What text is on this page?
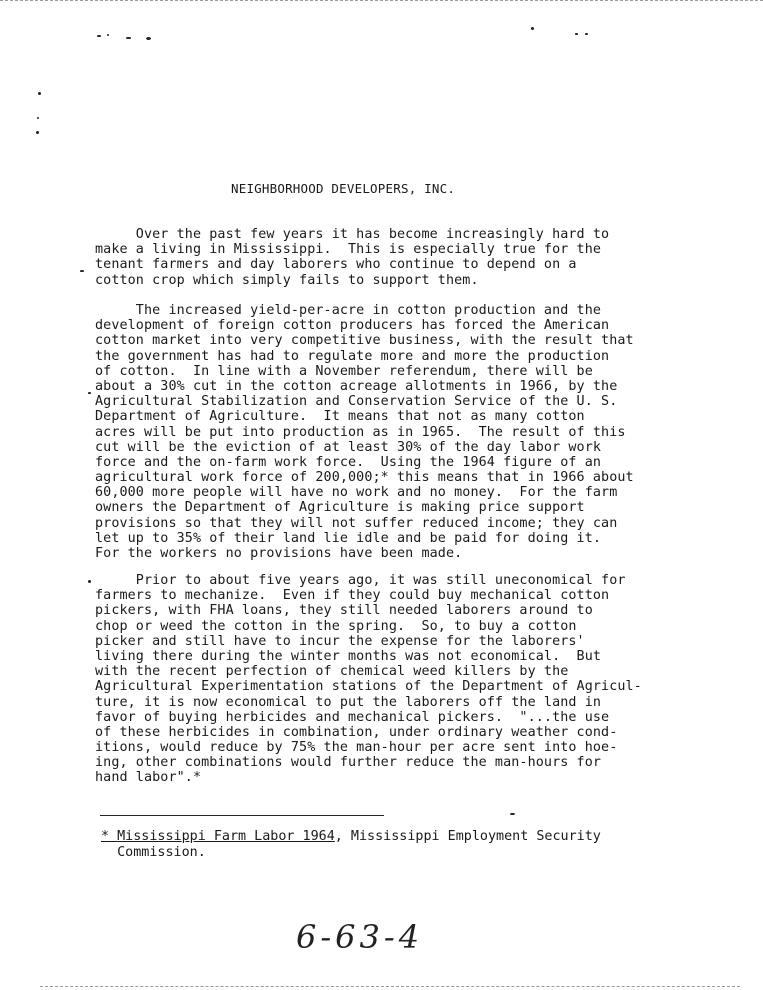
NEIGHBORHOOD DEVELOPERS, INC.
Over the past few years it has become increasingly hard to
make a living in Mississippi.  This is especially true for the
tenant farmers and day laborers who continue to depend on a
cotton crop which simply fails to support them.
The increased yield-per-acre in cotton production and the
development of foreign cotton producers has forced the American
cotton market into very competitive business, with the result that
the government has had to regulate more and more the production
of cotton.  In line with a November referendum, there will be
about a 30% cut in the cotton acreage allotments in 1966, by the
Agricultural Stabilization and Conservation Service of the U. S.
Department of Agriculture.  It means that not as many cotton
acres will be put into production as in 1965.  The result of this
cut will be the eviction of at least 30% of the day labor work
force and the on-farm work force.  Using the 1964 figure of an
agricultural work force of 200,000;* this means that in 1966 about
60,000 more people will have no work and no money.  For the farm
owners the Department of Agriculture is making price support
provisions so that they will not suffer reduced income; they can
let up to 35% of their land lie idle and be paid for doing it.
For the workers no provisions have been made.
Prior to about five years ago, it was still uneconomical for
farmers to mechanize.  Even if they could buy mechanical cotton
pickers, with FHA loans, they still needed laborers around to
chop or weed the cotton in the spring.  So, to buy a cotton
picker and still have to incur the expense for the laborers'
living there during the winter months was not economical.  But
with the recent perfection of chemical weed killers by the
Agricultural Experimentation stations of the Department of Agricul-
ture, it is now economical to put the laborers off the land in
favor of buying herbicides and mechanical pickers.  "...the use
of these herbicides in combination, under ordinary weather cond-
itions, would reduce by 75% the man-hour per acre sent into hoe-
ing, other combinations would further reduce the man-hours for
hand labor".*
* Mississippi Farm Labor 1964, Mississippi Employment Security
Commission.
6-63-4
